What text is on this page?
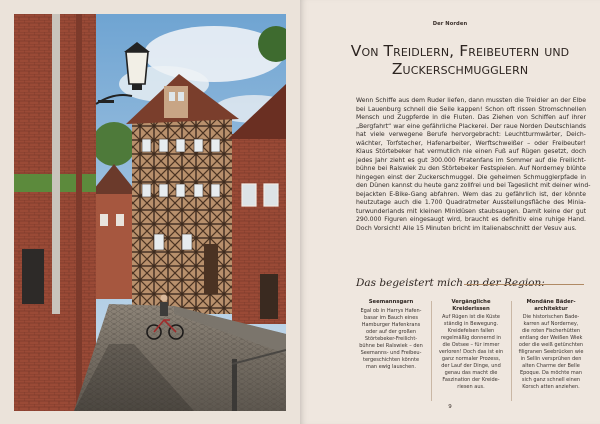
Der Norden
Von Treidlern, Freibeutern und
Zuckerschmugglern
Wenn Schiffe aus dem Ruder liefen, dann mussten die Treidler an der Elbe
bei Lauenburg schnell die Seile kappen! Schon oft rissen Stromschnellen
Mensch und Zugpferde in die Fluten. Das Ziehen von Schiffen auf ihrer
„Bergfahrt“ war eine gefährliche Plackerei. Der raue Norden Deutschlands
hat viele verwegene Berufe hervorgebracht: Leuchtturmwärter, Deich-
wächter, Torfstecher, Hafenarbeiter, Werftschweißer – oder Freibeuter!
Klaus Störtebeker hat vermutlich nie einen Fuß auf Rügen gesetzt, doch
jedes Jahr zieht es gut 300.000 Piratenfans im Sommer auf die Freilicht-
bühne bei Ralswiek zu den Störtebeker Festspielen. Auf Norderney blühte
hingegen einst der Zuckerschmuggel. Die geheimen Schmugglerpfade in
den Dünen kannst du heute ganz zollfrei und bei Tageslicht mit deiner wind-
bejackten E-Bike-Gang abfahren. Wem das zu gefährlich ist, der könnte
heutzutage auch die 1.700 Quadratmeter Ausstellungsfläche des Minia-
turwunderlands mit kleinen Minidüsen staubsaugen. Damit keine der gut
290.000 Figuren eingesaugt wird, braucht es definitiv eine ruhige Hand.
Doch Vorsicht! Alle 15 Minuten bricht im Italienabschnitt der Vesuv aus.
Das begeistert mich an der Region:
Seemannsgarn

Egal ob in Harrys Hafen-
basar im Bauch eines
Hamburger Hafenkrans
oder auf der großen
Störtebeker-Freilicht-
bühne bei Ralswiek – den
Seemanns- und Freibeu-
tergeschichten könnte
man ewig lauschen.

Vergängliche
Kreiderissen

Auf Rügen ist die Küste
ständig in Bewegung.
Kreidefelsen fallen
regelmäßig donnernd in
die Ostsee – für immer
verloren! Doch das ist ein
ganz normaler Prozess,
der Lauf der Dinge, und
genau das macht die
Faszination der Kreide-
riesen aus.

Mondäne Bäder-
architektur

Die historischen Bade-
karren auf Norderney,
die roten Fischerhütten
entlang der Weißen Wiek
oder die weiß getünchten
filigranen Seebrücken wie
in Sellin versprühen den
alten Charme der Belle
Epoque. Da möchte man
sich ganz schnell einen
Korsch atten anziehen.

9
